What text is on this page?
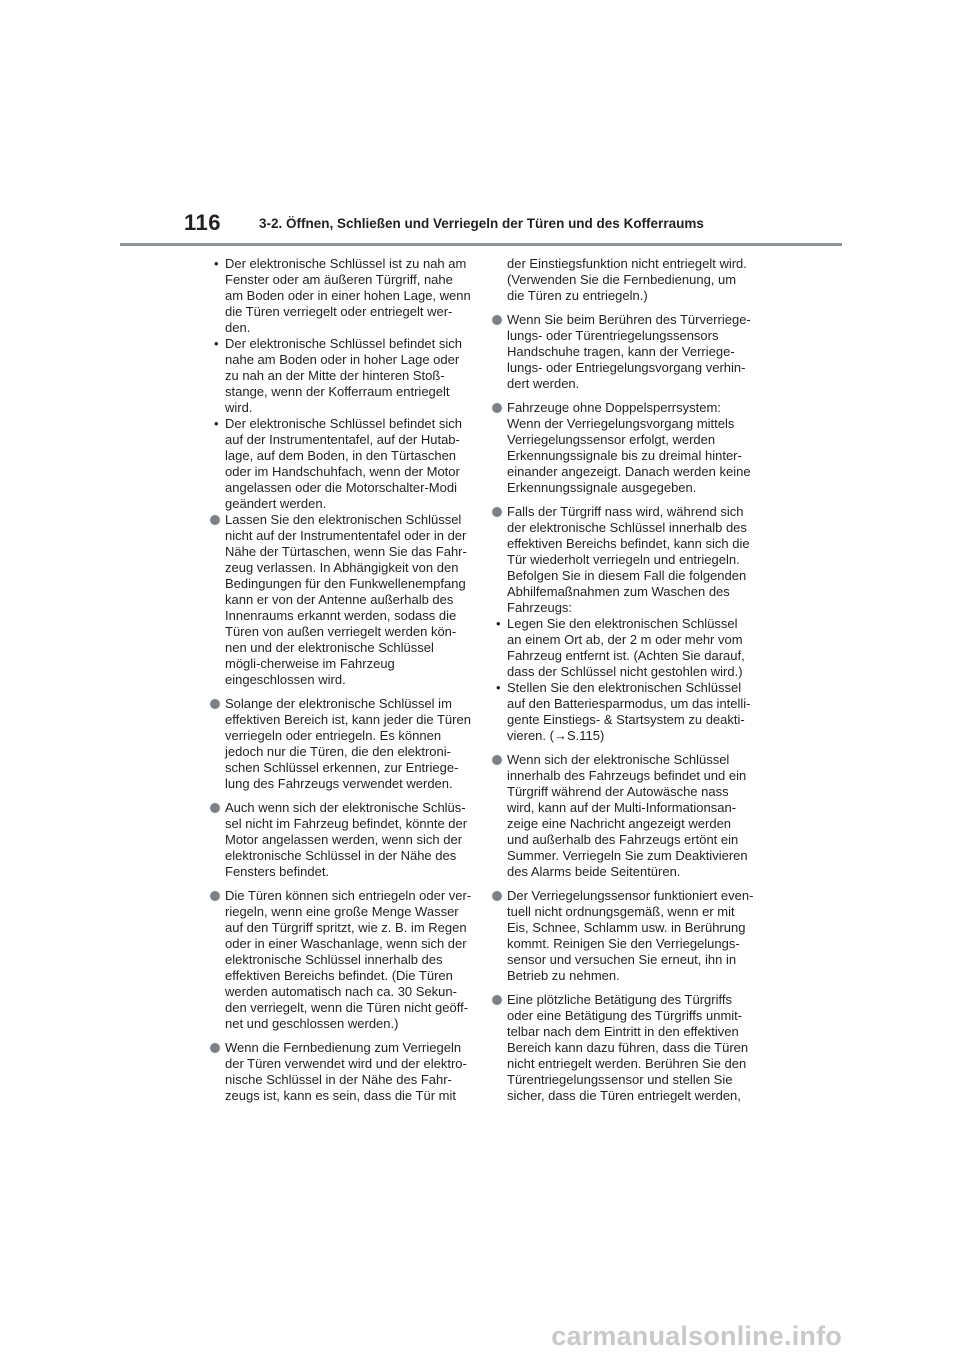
116	3-2. Öffnen, Schließen und Verriegeln der Türen und des Kofferraums
• Der elektronische Schlüssel ist zu nah am Fenster oder am äußeren Türgriff, nahe am Boden oder in einer hohen Lage, wenn die Türen verriegelt oder entriegelt wer-den.
• Der elektronische Schlüssel befindet sich nahe am Boden oder in hoher Lage oder zu nah an der Mitte der hinteren Stoß-stange, wenn der Kofferraum entriegelt wird.
• Der elektronische Schlüssel befindet sich auf der Instrumententafel, auf der Hutab-lage, auf dem Boden, in den Türtaschen oder im Handschuhfach, wenn der Motor angelassen oder die Motorschalter-Modi geändert werden.
Lassen Sie den elektronischen Schlüssel nicht auf der Instrumententafel oder in der Nähe der Türtaschen, wenn Sie das Fahr-zeug verlassen. In Abhängigkeit von den Bedingungen für den Funkwellenempfang kann er von der Antenne außerhalb des Innenraums erkannt werden, sodass die Türen von außen verriegelt werden kön-nen und der elektronische Schlüssel mögli-cherweise im Fahrzeug eingeschlossen wird.
Solange der elektronische Schlüssel im effektiven Bereich ist, kann jeder die Türen verriegeln oder entriegeln. Es können jedoch nur die Türen, die den elektroni-schen Schlüssel erkennen, zur Entriege-lung des Fahrzeugs verwendet werden.
Auch wenn sich der elektronische Schlüs-sel nicht im Fahrzeug befindet, könnte der Motor angelassen werden, wenn sich der elektronische Schlüssel in der Nähe des Fensters befindet.
Die Türen können sich entriegeln oder ver-riegeln, wenn eine große Menge Wasser auf den Türgriff spritzt, wie z. B. im Regen oder in einer Waschanlage, wenn sich der elektronische Schlüssel innerhalb des effektiven Bereichs befindet. (Die Türen werden automatisch nach ca. 30 Sekun-den verriegelt, wenn die Türen nicht geöff-net und geschlossen werden.)
Wenn die Fernbedienung zum Verriegeln der Türen verwendet wird und der elektro-nische Schlüssel in der Nähe des Fahr-zeugs ist, kann es sein, dass die Tür mit
der Einstiegsfunktion nicht entriegelt wird. (Verwenden Sie die Fernbedienung, um die Türen zu entriegeln.)
Wenn Sie beim Berühren des Türverriege-lungs- oder Türentriegelungssensors Handschuhe tragen, kann der Verriege-lungs- oder Entriegelungsvorgang verhin-dert werden.
Fahrzeuge ohne Doppelsperrsystem: Wenn der Verriegelungsvorgang mittels Verriegelungssensor erfolgt, werden Erkennungssignale bis zu dreimal hinter-einander angezeigt. Danach werden keine Erkennungssignale ausgegeben.
Falls der Türgriff nass wird, während sich der elektronische Schlüssel innerhalb des effektiven Bereichs befindet, kann sich die Tür wiederholt verriegeln und entriegeln. Befolgen Sie in diesem Fall die folgenden Abhilfemaßnahmen zum Waschen des Fahrzeugs:
• Legen Sie den elektronischen Schlüssel an einem Ort ab, der 2 m oder mehr vom Fahrzeug entfernt ist. (Achten Sie darauf, dass der Schlüssel nicht gestohlen wird.)
• Stellen Sie den elektronischen Schlüssel auf den Batteriesparmodus, um das intelli-gente Einstiegs- & Startsystem zu deakti-vieren. (→S.115)
Wenn sich der elektronische Schlüssel innerhalb des Fahrzeugs befindet und ein Türgriff während der Autowäsche nass wird, kann auf der Multi-Informationsan-zeige eine Nachricht angezeigt werden und außerhalb des Fahrzeugs ertönt ein Summer. Verriegeln Sie zum Deaktivieren des Alarms beide Seitentüren.
Der Verriegelungssensor funktioniert even-tuell nicht ordnungsgemäß, wenn er mit Eis, Schnee, Schlamm usw. in Berührung kommt. Reinigen Sie den Verriegelungs-sensor und versuchen Sie erneut, ihn in Betrieb zu nehmen.
Eine plötzliche Betätigung des Türgriffs oder eine Betätigung des Türgriffs unmit-telbar nach dem Eintritt in den effektiven Bereich kann dazu führen, dass die Türen nicht entriegelt werden. Berühren Sie den Türentriegelungssensor und stellen Sie sicher, dass die Türen entriegelt werden,
carmanualsonline.info
